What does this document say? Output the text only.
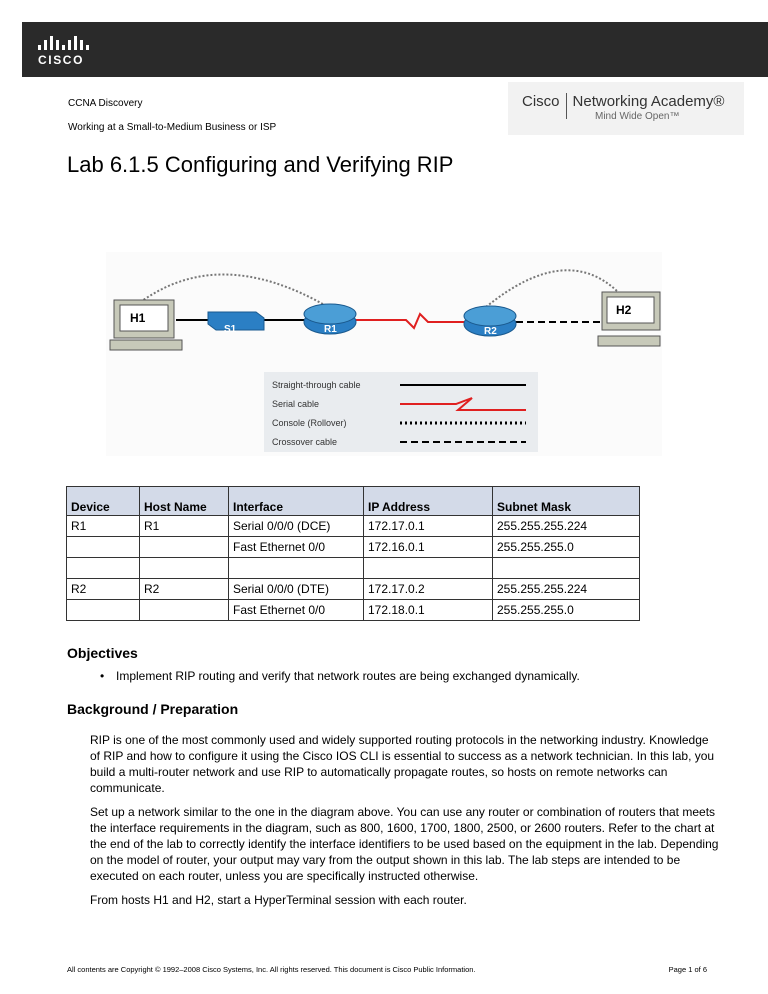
CISCO
CCNA Discovery
Working at a Small-to-Medium Business or ISP
Cisco Networking Academy®
Mind Wide Open™
Lab 6.1.5 Configuring and Verifying RIP
H1
S1	R1	R2
H2
Straight-through cable
Serial cable
Console (Rollover)
Crossover cable
Device	Host Name	Interface	IP Address	Subnet Mask
R1	R1	Serial 0/0/0 (DCE)	172.17.0.1	255.255.255.224
		Fast Ethernet 0/0	172.16.0.1	255.255.255.0

R2	R2	Serial 0/0/0 (DTE)	172.17.0.2	255.255.255.224
		Fast Ethernet 0/0	172.18.0.1	255.255.255.0
Objectives
• Implement RIP routing and verify that network routes are being exchanged dynamically.
Background / Preparation

RIP is one of the most commonly used and widely supported routing protocols in the networking industry. Knowledge of RIP and how to configure it using the Cisco IOS CLI is essential to success as a network technician. In this lab, you build a multi-router network and use RIP to automatically propagate routes, so hosts on remote networks can communicate.

Set up a network similar to the one in the diagram above. You can use any router or combination of routers that meets the interface requirements in the diagram, such as 800, 1600, 1700, 1800, 2500, or 2600 routers. Refer to the chart at the end of the lab to correctly identify the interface identifiers to be used based on the equipment in the lab. Depending on the model of router, your output may vary from the output shown in this lab. The lab steps are intended to be executed on each router, unless you are specifically instructed otherwise.

From hosts H1 and H2, start a HyperTerminal session with each router.

All contents are Copyright © 1992–2008 Cisco Systems, Inc. All rights reserved. This document is Cisco Public Information.	Page 1 of 6
